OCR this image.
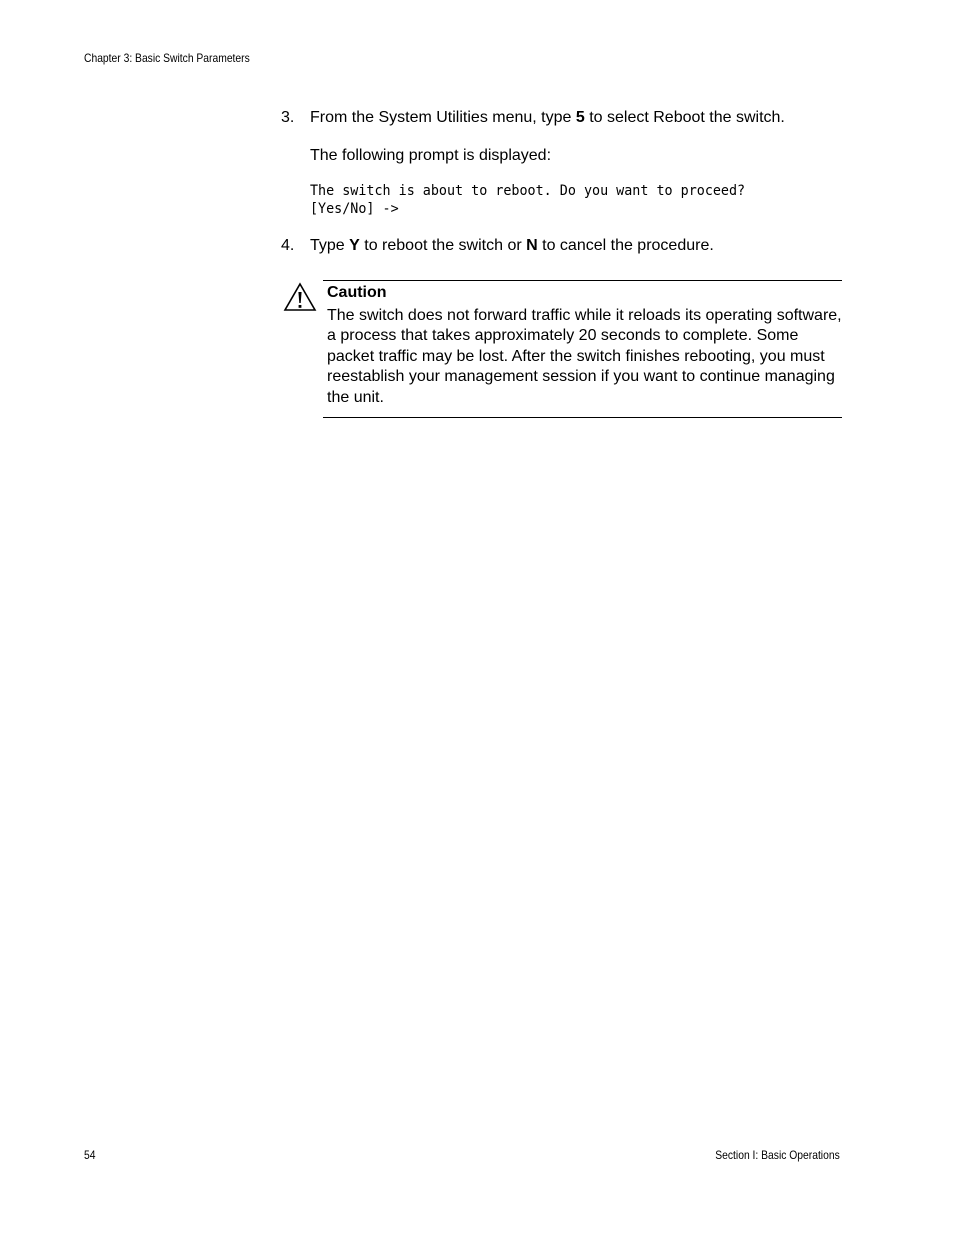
Chapter 3: Basic Switch Parameters
3. From the System Utilities menu, type 5 to select Reboot the switch.
The following prompt is displayed:
The switch is about to reboot. Do you want to proceed?
[Yes/No] ->
4. Type Y to reboot the switch or N to cancel the procedure.
Caution
The switch does not forward traffic while it reloads its operating software, a process that takes approximately 20 seconds to complete. Some packet traffic may be lost. After the switch finishes rebooting, you must reestablish your management session if you want to continue managing the unit.
54	Section I: Basic Operations
